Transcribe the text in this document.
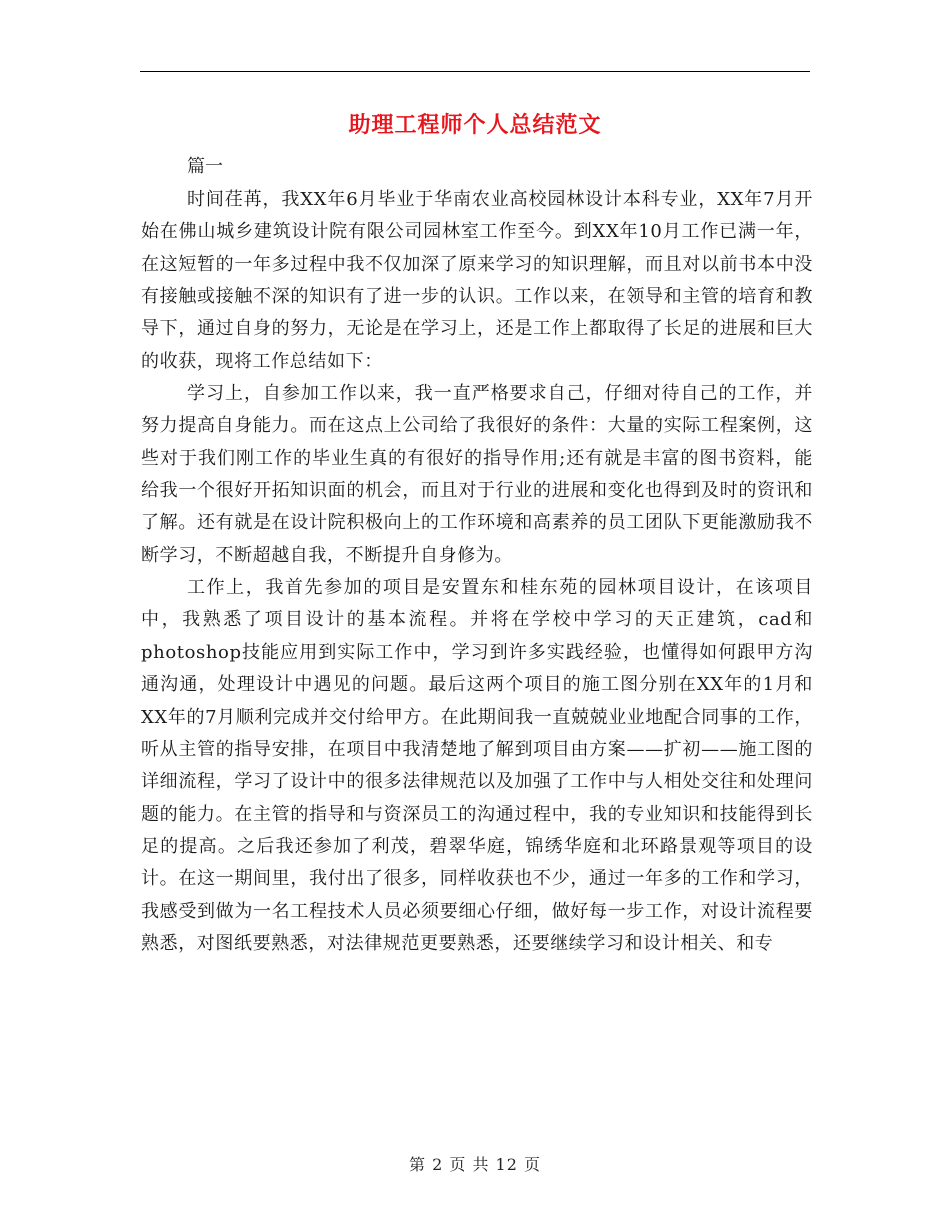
助理工程师个人总结范文
篇一

时间荏苒，我XX年6月毕业于华南农业高校园林设计本科专业，XX年7月开始在佛山城乡建筑设计院有限公司园林室工作至今。到XX年10月工作已满一年，在这短暂的一年多过程中我不仅加深了原来学习的知识理解，而且对以前书本中没有接触或接触不深的知识有了进一步的认识。工作以来，在领导和主管的培育和教导下，通过自身的努力，无论是在学习上，还是工作上都取得了长足的进展和巨大的收获，现将工作总结如下：

学习上，自参加工作以来，我一直严格要求自己，仔细对待自己的工作，并努力提高自身能力。而在这点上公司给了我很好的条件：大量的实际工程案例，这些对于我们刚工作的毕业生真的有很好的指导作用;还有就是丰富的图书资料，能给我一个很好开拓知识面的机会，而且对于行业的进展和变化也得到及时的资讯和了解。还有就是在设计院积极向上的工作环境和高素养的员工团队下更能激励我不断学习，不断超越自我，不断提升自身修为。

工作上，我首先参加的项目是安置东和桂东苑的园林项目设计，在该项目中，我熟悉了项目设计的基本流程。并将在学校中学习的天正建筑，cad和photoshop技能应用到实际工作中，学习到许多实践经验，也懂得如何跟甲方沟通沟通，处理设计中遇见的问题。最后这两个项目的施工图分别在XX年的1月和XX年的7月顺利完成并交付给甲方。在此期间我一直兢兢业业地配合同事的工作，听从主管的指导安排，在项目中我清楚地了解到项目由方案——扩初——施工图的详细流程，学习了设计中的很多法律规范以及加强了工作中与人相处交往和处理问题的能力。在主管的指导和与资深员工的沟通过程中，我的专业知识和技能得到长足的提高。之后我还参加了利茂，碧翠华庭，锦绣华庭和北环路景观等项目的设计。在这一期间里，我付出了很多，同样收获也不少，通过一年多的工作和学习，我感受到做为一名工程技术人员必须要细心仔细，做好每一步工作，对设计流程要熟悉，对图纸要熟悉，对法律规范更要熟悉，还要继续学习和设计相关、和专

第 2 页 共 12 页
